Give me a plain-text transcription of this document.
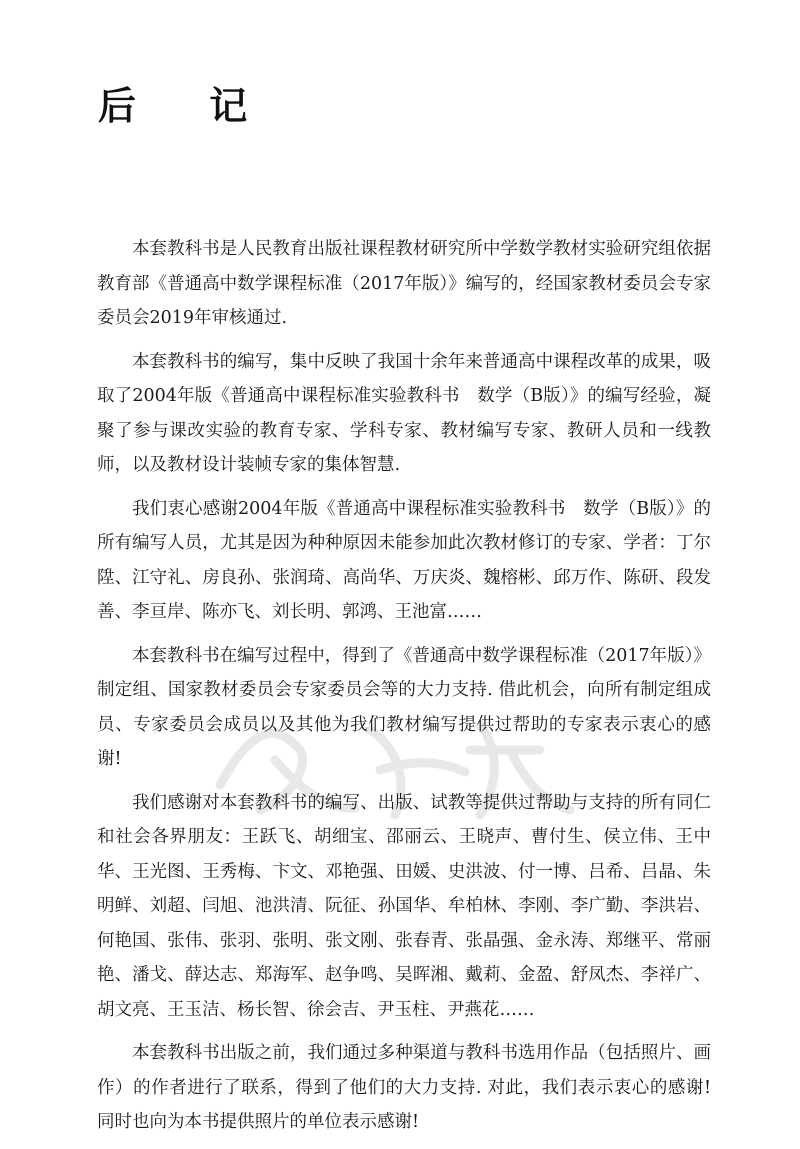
后 记

本套教科书是人民教育出版社课程教材研究所中学数学教材实验研究组依据教育部《普通高中数学课程标准（2017年版）》编写的，经国家教材委员会专家委员会2019年审核通过.

本套教科书的编写，集中反映了我国十余年来普通高中课程改革的成果，吸取了2004年版《普通高中课程标准实验教科书　数学（B版）》的编写经验，凝聚了参与课改实验的教育专家、学科专家、教材编写专家、教研人员和一线教师，以及教材设计装帧专家的集体智慧.

我们衷心感谢2004年版《普通高中课程标准实验教科书　数学（B版）》的所有编写人员，尤其是因为种种原因未能参加此次教材修订的专家、学者：丁尔陞、江守礼、房良孙、张润琦、高尚华、万庆炎、魏榕彬、邱万作、陈研、段发善、李亘岸、陈亦飞、刘长明、郭鸿、王池富……

本套教科书在编写过程中，得到了《普通高中数学课程标准（2017年版）》制定组、国家教材委员会专家委员会等的大力支持. 借此机会，向所有制定组成员、专家委员会成员以及其他为我们教材编写提供过帮助的专家表示衷心的感谢!

我们感谢对本套教科书的编写、出版、试教等提供过帮助与支持的所有同仁和社会各界朋友：王跃飞、胡细宝、邵丽云、王晓声、曹付生、侯立伟、王中华、王光图、王秀梅、卞文、邓艳强、田媛、史洪波、付一博、吕希、吕晶、朱明鲜、刘超、闫旭、池洪清、阮征、孙国华、牟柏林、李刚、李广勤、李洪岩、何艳国、张伟、张羽、张明、张文刚、张春青、张晶强、金永涛、郑继平、常丽艳、潘戈、薛达志、郑海军、赵争鸣、吴晖湘、戴莉、金盈、舒凤杰、李祥广、胡文亮、王玉洁、杨长智、徐会吉、尹玉柱、尹燕花……

本套教科书出版之前，我们通过多种渠道与教科书选用作品（包括照片、画作）的作者进行了联系，得到了他们的大力支持. 对此，我们表示衷心的感谢! 同时也向为本书提供照片的单位表示感谢!
